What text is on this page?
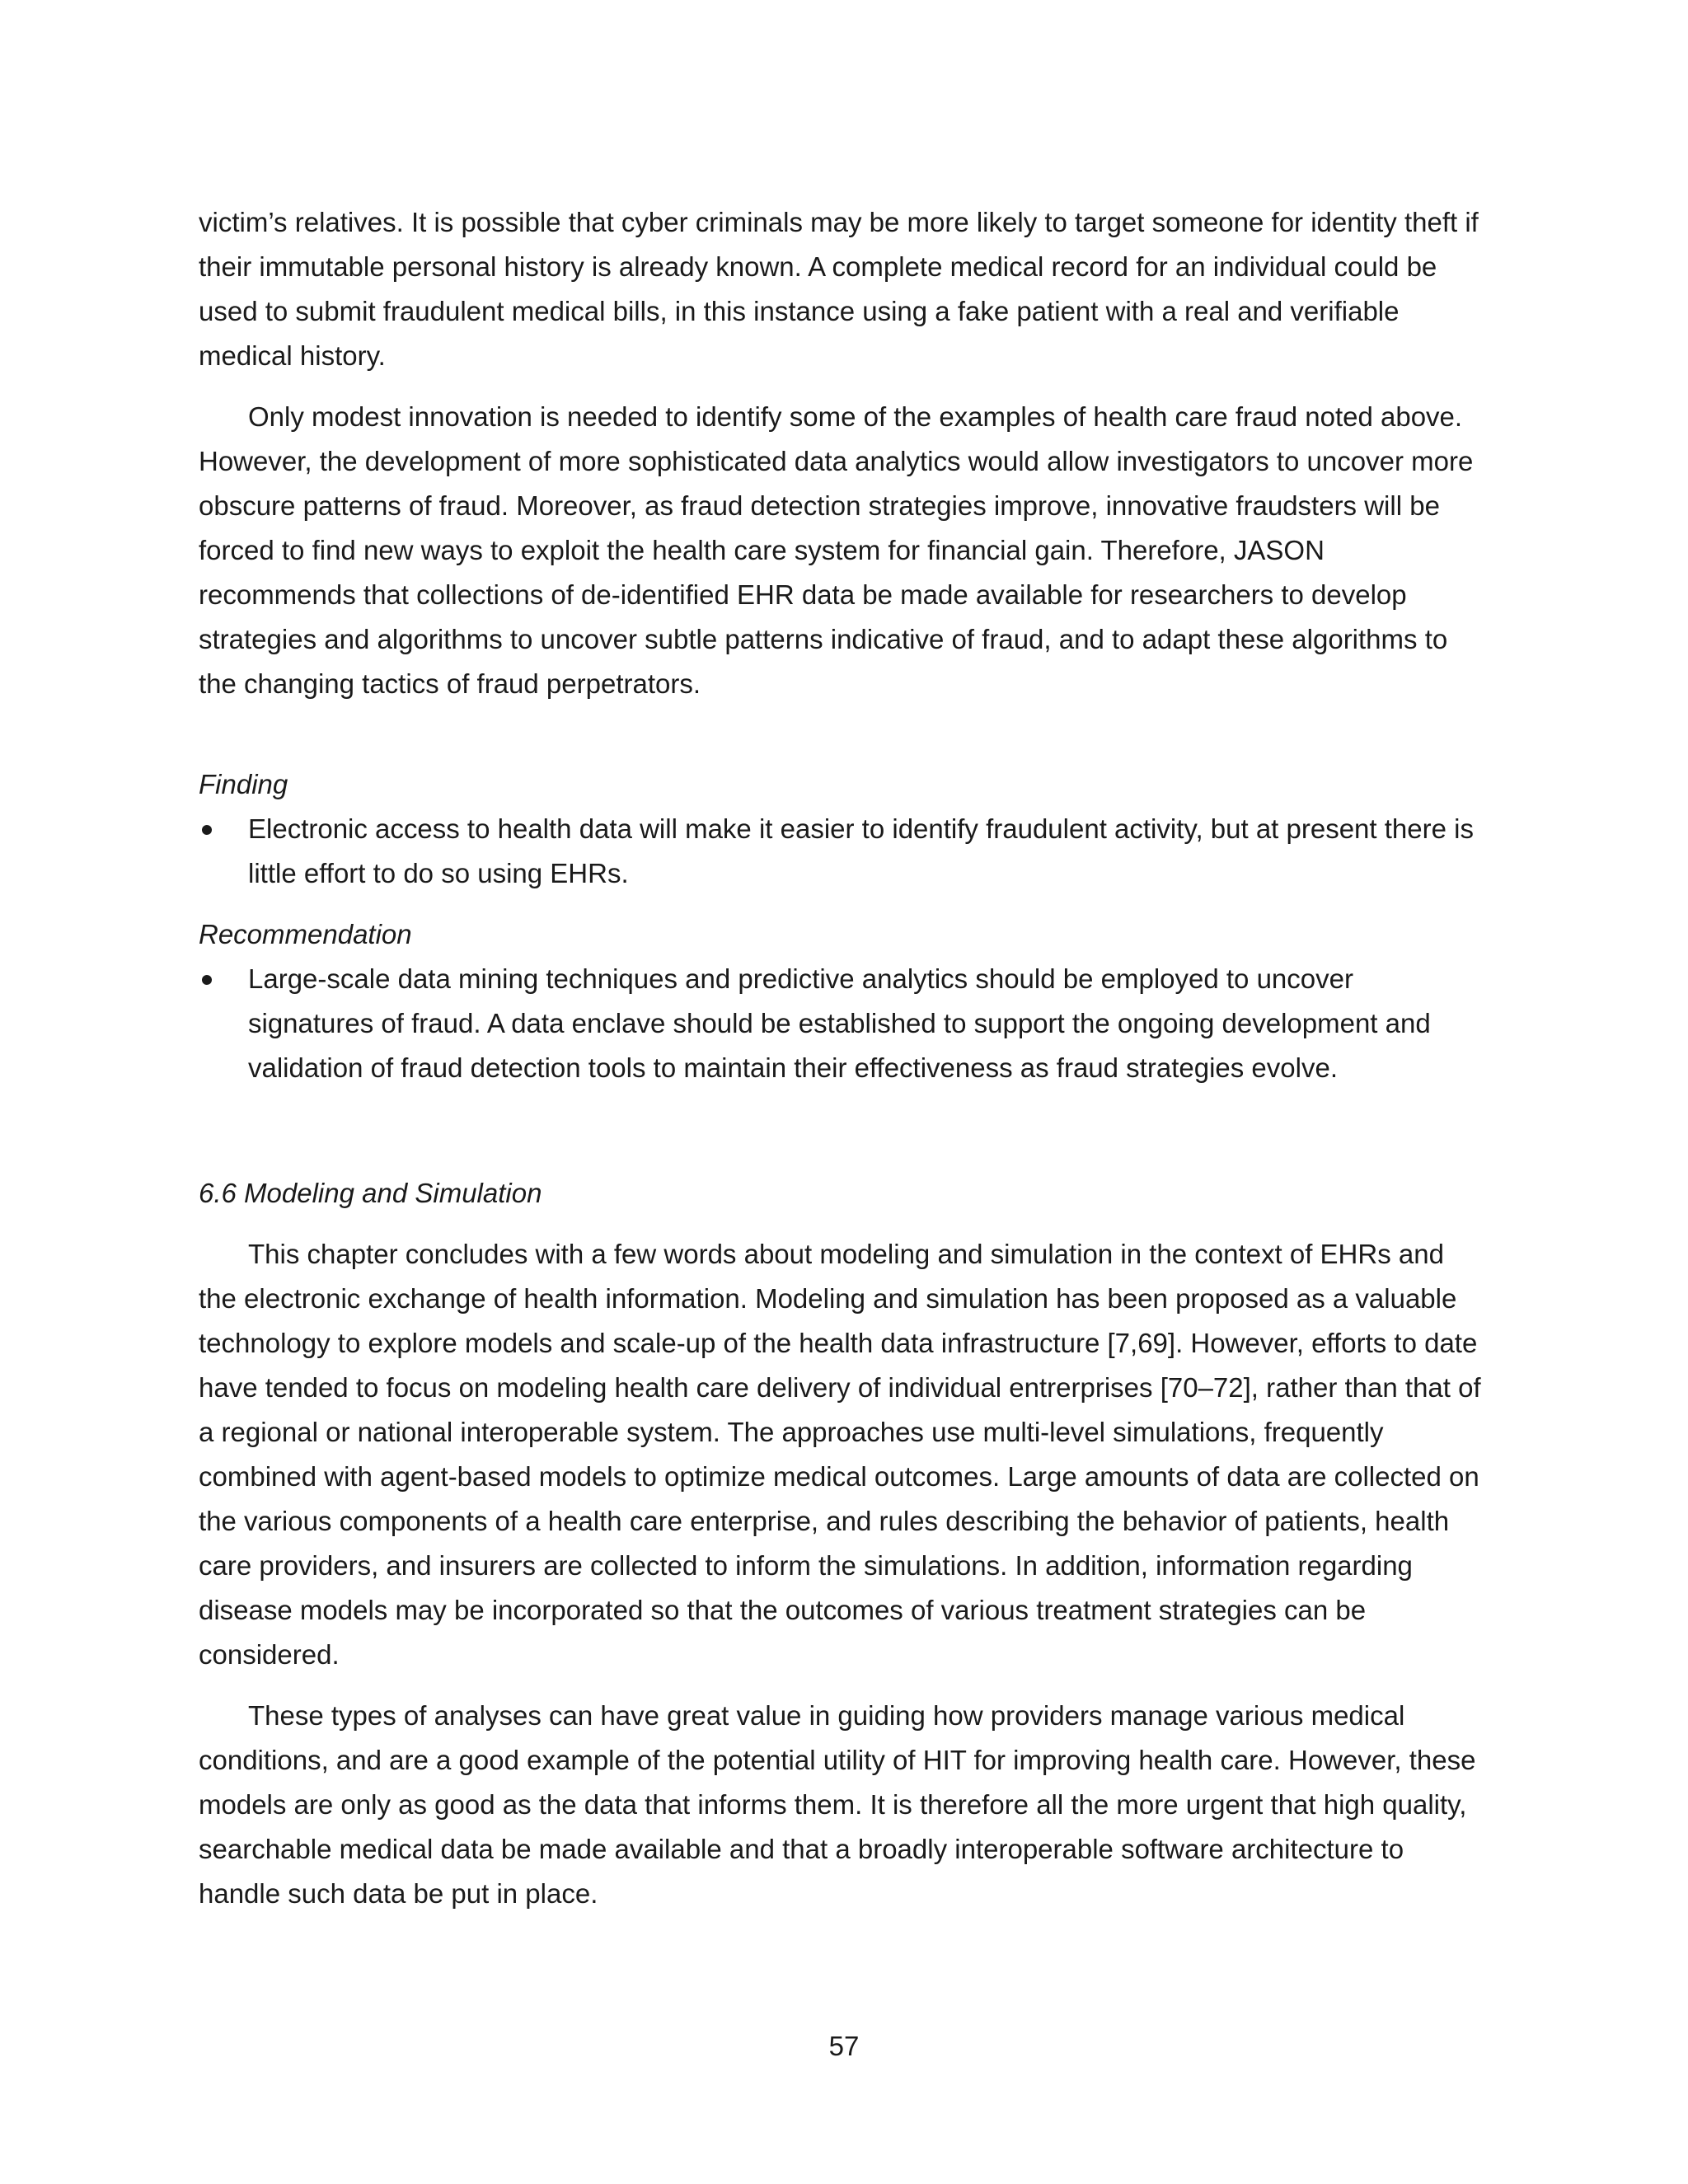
victim’s relatives. It is possible that cyber criminals may be more likely to target someone for identity theft if their immutable personal history is already known. A complete medical record for an individual could be used to submit fraudulent medical bills, in this instance using a fake patient with a real and verifiable medical history.

Only modest innovation is needed to identify some of the examples of health care fraud noted above. However, the development of more sophisticated data analytics would allow investigators to uncover more obscure patterns of fraud. Moreover, as fraud detection strategies improve, innovative fraudsters will be forced to find new ways to exploit the health care system for financial gain. Therefore, JASON recommends that collections of de-identified EHR data be made available for researchers to develop strategies and algorithms to uncover subtle patterns indicative of fraud, and to adapt these algorithms to the changing tactics of fraud perpetrators.

Finding

Electronic access to health data will make it easier to identify fraudulent activity, but at present there is little effort to do so using EHRs.

Recommendation

Large-scale data mining techniques and predictive analytics should be employed to uncover signatures of fraud. A data enclave should be established to support the ongoing development and validation of fraud detection tools to maintain their effectiveness as fraud strategies evolve.

6.6 Modeling and Simulation

This chapter concludes with a few words about modeling and simulation in the context of EHRs and the electronic exchange of health information. Modeling and simulation has been proposed as a valuable technology to explore models and scale-up of the health data infrastructure [7,69]. However, efforts to date have tended to focus on modeling health care delivery of individual entrerprises [70–72], rather than that of a regional or national interoperable system. The approaches use multi-level simulations, frequently combined with agent-based models to optimize medical outcomes. Large amounts of data are collected on the various components of a health care enterprise, and rules describing the behavior of patients, health care providers, and insurers are collected to inform the simulations. In addition, information regarding disease models may be incorporated so that the outcomes of various treatment strategies can be considered.

These types of analyses can have great value in guiding how providers manage various medical conditions, and are a good example of the potential utility of HIT for improving health care. However, these models are only as good as the data that informs them. It is therefore all the more urgent that high quality, searchable medical data be made available and that a broadly interoperable software architecture to handle such data be put in place.

57
